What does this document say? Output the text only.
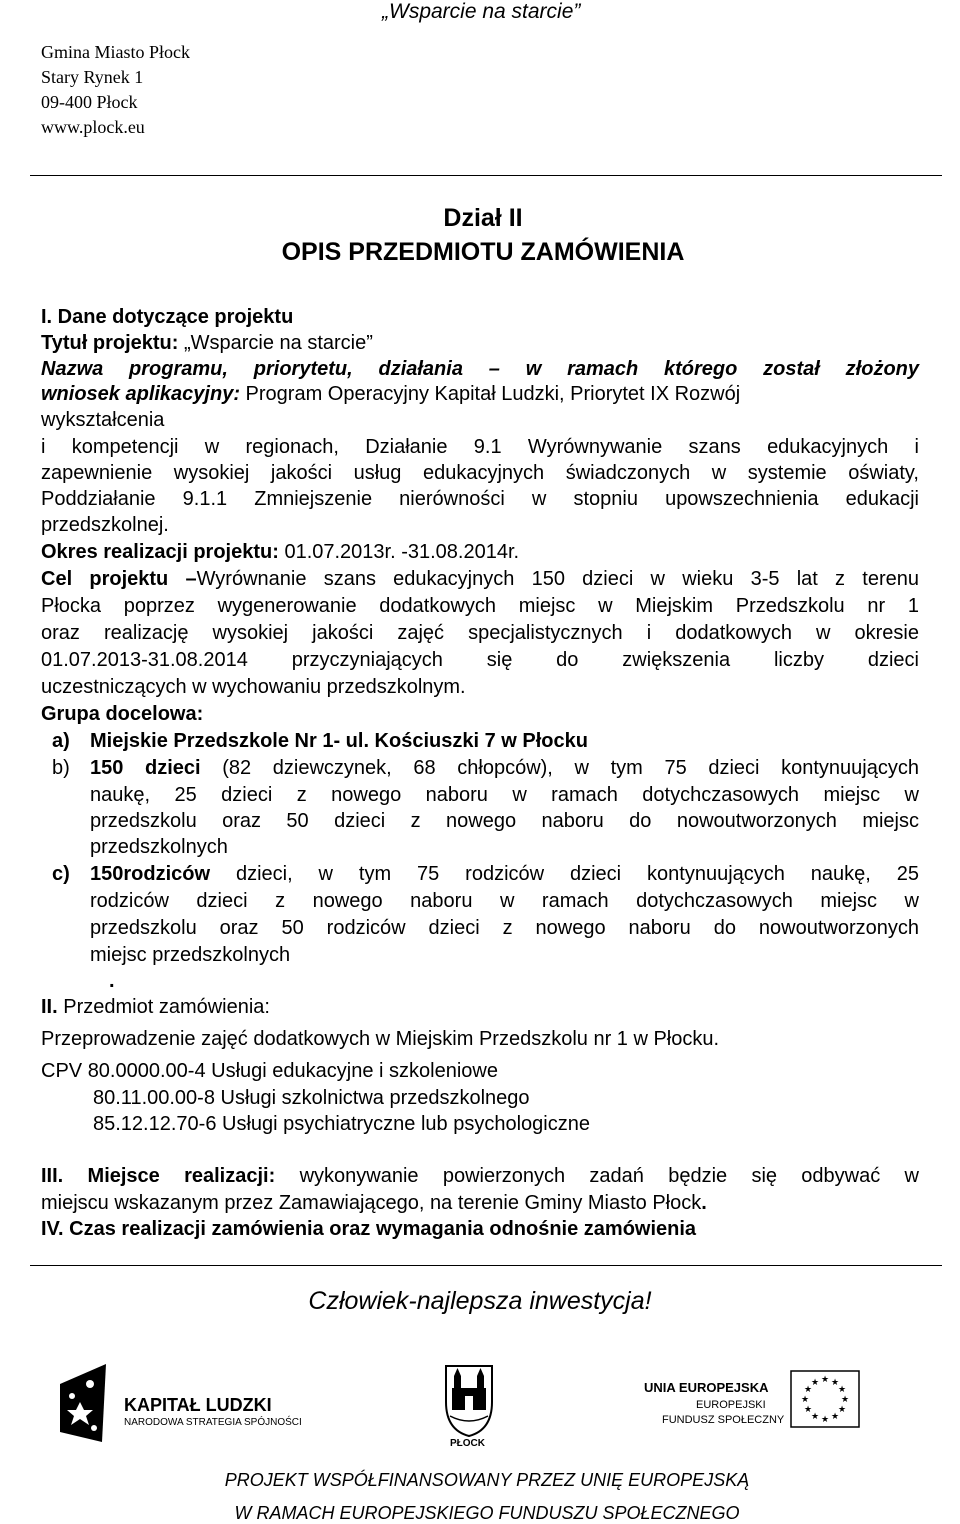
„Wsparcie na starcie”
Gmina Miasto Płock
Stary Rynek 1
09-400 Płock
www.plock.eu
Dział II
OPIS PRZEDMIOTU ZAMÓWIENIA
I. Dane dotyczące projektu
Tytuł projektu: „Wsparcie na starcie”
Nazwa programu, priorytetu, działania – w ramach którego został złożony
wniosek aplikacyjny: Program Operacyjny Kapitał Ludzki, Priorytet IX Rozwój
wykształcenia
i kompetencji w regionach, Działanie 9.1 Wyrównywanie szans edukacyjnych i
zapewnienie wysokiej jakości usług edukacyjnych świadczonych w systemie oświaty,
Poddziałanie 9.1.1 Zmniejszenie nierówności w stopniu upowszechnienia edukacji
przedszkolnej.
Okres realizacji projektu: 01.07.2013r. -31.08.2014r.
Cel projektu –Wyrównanie szans edukacyjnych 150 dzieci w wieku 3-5 lat z terenu
Płocka poprzez wygenerowanie dodatkowych miejsc w Miejskim Przedszkolu nr 1
oraz realizację wysokiej jakości zajęć specjalistycznych i dodatkowych w okresie
01.07.2013-31.08.2014 przyczyniających się do zwiększenia liczby dzieci
uczestniczących w wychowaniu przedszkolnym.
Grupa docelowa:
a) Miejskie Przedszkole Nr 1- ul. Kościuszki 7 w Płocku
b) 150 dzieci (82 dziewczynek, 68 chłopców), w tym 75 dzieci kontynuujących
naukę, 25 dzieci z nowego naboru w ramach dotychczasowych miejsc w
przedszkolu oraz 50 dzieci z nowego naboru do nowoutworzonych miejsc
przedszkolnych
c) 150rodziców dzieci, w tym 75 rodziców dzieci kontynuujących naukę, 25
rodziców dzieci z nowego naboru w ramach dotychczasowych miejsc w
przedszkolu oraz 50 rodziców dzieci z nowego naboru do nowoutworzonych
miejsc przedszkolnych
.
II. Przedmiot zamówienia:
Przeprowadzenie zajęć dodatkowych w Miejskim Przedszkolu nr 1 w Płocku.
CPV 80.0000.00-4 Usługi edukacyjne i szkoleniowe
80.11.00.00-8 Usługi szkolnictwa przedszkolnego
85.12.12.70-6 Usługi psychiatryczne lub psychologiczne
III. Miejsce realizacji: wykonywanie powierzonych zadań będzie się odbywać w
miejscu wskazanym przez Zamawiającego, na terenie Gminy Miasto Płock.
IV. Czas realizacji zamówienia oraz wymagania odnośnie zamówienia
Człowiek-najlepsza inwestycja!
KAPITAŁ LUDZKI
NARODOWA STRATEGIA SPÓJNOŚCI
PŁOCK
UNIA EUROPEJSKA
EUROPEJSKI
FUNDUSZ SPOŁECZNY
★ ★
★
★
★
★
★
★
★
★
★
★
PROJEKT WSPÓŁFINANSOWANY PRZEZ UNIĘ EUROPEJSKĄ
W RAMACH EUROPEJSKIEGO FUNDUSZU SPOŁECZNEGO
